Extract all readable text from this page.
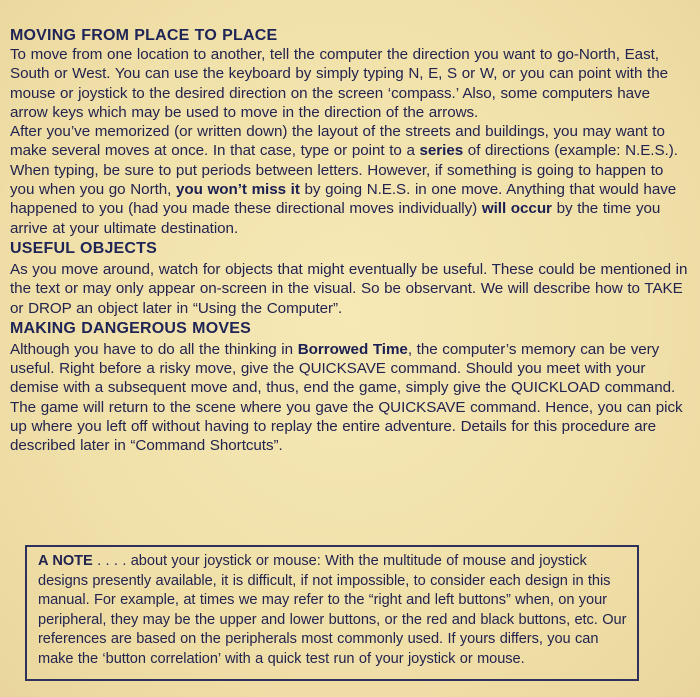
MOVING FROM PLACE TO PLACE

To move from one location to another, tell the computer the direction you want to go-North, East, South or West. You can use the keyboard by simply typing N, E, S or W, or you can point with the mouse or joystick to the desired direction on the screen ‘compass.’ Also, some computers have arrow keys which may be used to move in the direction of the arrows.

After you’ve memorized (or written down) the layout of the streets and buildings, you may want to make several moves at once. In that case, type or point to a series of directions (example: N.E.S.). When typing, be sure to put periods between letters. However, if something is going to happen to you when you go North, you won’t miss it by going N.E.S. in one move. Anything that would have happened to you (had you made these directional moves individually) will occur by the time you arrive at your ultimate destination.

USEFUL OBJECTS

As you move around, watch for objects that might eventually be useful. These could be mentioned in the text or may only appear on-screen in the visual. So be observant. We will describe how to TAKE or DROP an object later in “Using the Computer”.

MAKING DANGEROUS MOVES

Although you have to do all the thinking in Borrowed Time, the computer’s memory can be very useful. Right before a risky move, give the QUICKSAVE command. Should you meet with your demise with a subsequent move and, thus, end the game, simply give the QUICKLOAD command. The game will return to the scene where you gave the QUICKSAVE command. Hence, you can pick up where you left off without having to replay the entire adventure. Details for this procedure are described later in “Command Shortcuts”.

A NOTE . . . . about your joystick or mouse: With the multitude of mouse and joystick designs presently available, it is difficult, if not impossible, to consider each design in this manual. For example, at times we may refer to the “right and left buttons” when, on your peripheral, they may be the upper and lower buttons, or the red and black buttons, etc. Our references are based on the peripherals most commonly used. If yours differs, you can make the ‘button correlation’ with a quick test run of your joystick or mouse.
